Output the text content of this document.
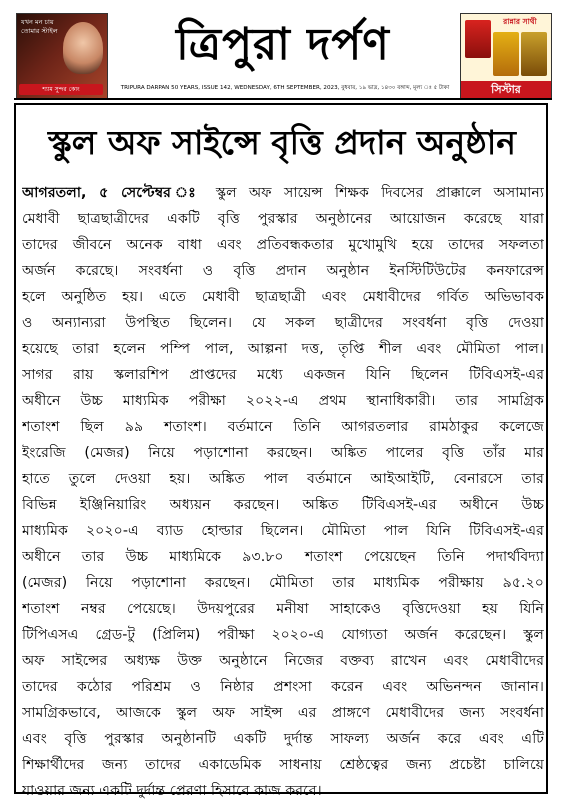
যখন মন চায় তোমার স্টাইল
শ্যাম সুন্দর কোং
ত্রিপুরা দর্পণ
TRIPURA DARPAN 50 YEARS, ISSUE 142, WEDNESDAY, 6TH SEPTEMBER, 2023, বুধবার, ১৯ ভাদ্র, ১৪৩০ বঙ্গাব্দ, মূল্য ঃ ৫ টাকা
রান্নার সাথী
সিস্টার
স্কুল অফ সাইন্সে বৃত্তি প্রদান অনুষ্ঠান
আগরতলা, ৫ সেপ্টেম্বর ঃ স্কুল অফ সায়েন্স শিক্ষক দিবসের প্রাক্কালে অসামান্য
মেধাবী ছাত্রছাত্রীদের একটি বৃত্তি পুরস্কার অনুষ্ঠানের আয়োজন করেছে যারা
তাদের জীবনে অনেক বাধা এবং প্রতিবন্ধকতার মুখোমুখি হয়ে তাদের সফলতা
অর্জন করেছে। সংবর্ধনা ও বৃত্তি প্রদান অনুষ্ঠান ইনস্টিটিউটের কনফারেন্স
হলে অনুষ্ঠিত হয়। এতে মেধাবী ছাত্রছাত্রী এবং মেধাবীদের গর্বিত অভিভাবক
ও অন্যান্যরা উপস্থিত ছিলেন। যে সকল ছাত্রীদের সংবর্ধনা বৃত্তি দেওয়া
হয়েছে তারা হলেন পম্পি পাল, আল্পনা দত্ত, তৃপ্তি শীল এবং মৌমিতা পাল।
সাগর রায় স্কলারশিপ প্রাপ্তদের মধ্যে একজন যিনি ছিলেন টিবিএসই-এর
অধীনে উচ্চ মাধ্যমিক পরীক্ষা ২০২২-এ প্রথম স্থানাধিকারী। তার সামগ্রিক
শতাংশ ছিল ৯৯ শতাংশ। বর্তমানে তিনি আগরতলার রামঠাকুর কলেজে
ইংরেজি (মেজর) নিয়ে পড়াশোনা করছেন। অঙ্কিত পালের বৃত্তি তাঁর মার
হাতে তুলে দেওয়া হয়। অঙ্কিত পাল বর্তমানে আইআইটি, বেনারসে তার
বিভিন্ন ইঞ্জিনিয়ারিং অধ্যয়ন করছেন। অঙ্কিত টিবিএসই-এর অধীনে উচ্চ
মাধ্যমিক ২০২০-এ ব্যাড হোল্ডার ছিলেন। মৌমিতা পাল যিনি টিবিএসই-এর
অধীনে তার উচ্চ মাধ্যমিকে ৯৩.৮০ শতাংশ পেয়েছেন তিনি পদার্থবিদ্যা
(মেজর) নিয়ে পড়াশোনা করছেন। মৌমিতা তার মাধ্যমিক পরীক্ষায় ৯৫.২০
শতাংশ নম্বর পেয়েছে। উদয়পুরের মনীষা সাহাকেও বৃত্তিদেওয়া হয় যিনি
টিপিএসএ গ্রেড-টু (প্রিলিম) পরীক্ষা ২০২০-এ যোগ্যতা অর্জন করেছেন। স্কুল
অফ সাইন্সের অধ্যক্ষ উক্ত অনুষ্ঠানে নিজের বক্তব্য রাখেন এবং মেধাবীদের
তাদের কঠোর পরিশ্রম ও নিষ্ঠার প্রশংসা করেন এবং অভিনন্দন জানান।
সামগ্রিকভাবে, আজকে স্কুল অফ সাইন্স এর প্রাঙ্গণে মেধাবীদের জন্য সংবর্ধনা
এবং বৃত্তি পুরস্কার অনুষ্ঠানটি একটি দুর্দান্ত সাফল্য অর্জন করে এবং এটি
শিক্ষার্থীদের জন্য তাদের একাডেমিক সাধনায় শ্রেষ্ঠত্বের জন্য প্রচেষ্টা চালিয়ে
যাওয়ার জন্য একটি দুর্দান্ত প্রেরণা হিসাবে কাজ করবে।
